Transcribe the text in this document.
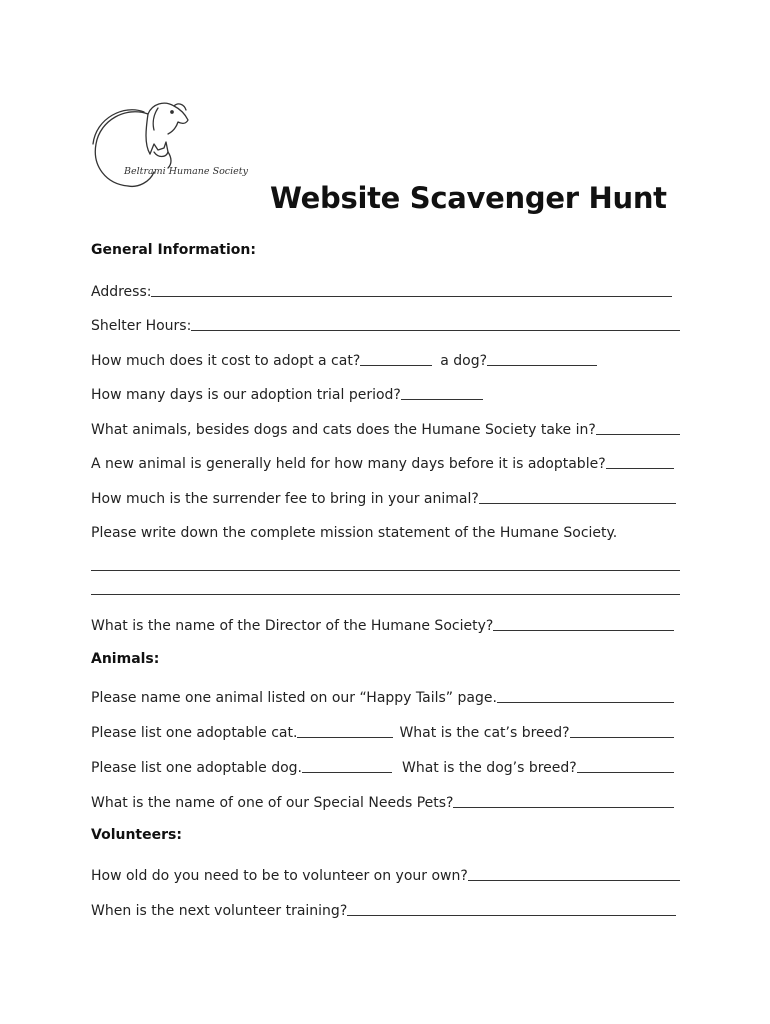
Beltrami Humane Society
Website Scavenger Hunt
General Information:
Address:
Shelter Hours:
How much does it cost to adopt a cat?	a dog?
How many days is our adoption trial period?
What animals, besides dogs and cats does the Humane Society take in?
A new animal is generally held for how many days before it is adoptable?
How much is the surrender fee to bring in your animal?
Please write down the complete mission statement of the Humane Society.
What is the name of the Director of the Humane Society?
Animals:
Please name one animal listed on our “Happy Tails” page.
Please list one adoptable cat.	What is the cat’s breed?
Please list one adoptable dog.	What is the dog’s breed?
What is the name of one of our Special Needs Pets?
Volunteers:
How old do you need to be to volunteer on your own?
When is the next volunteer training?
